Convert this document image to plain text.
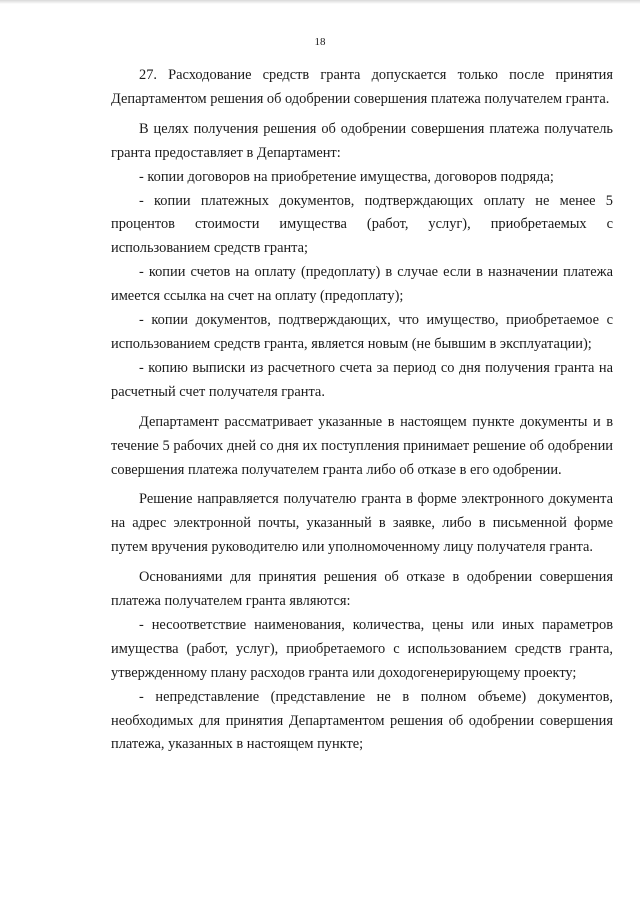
18

27. Расходование средств гранта допускается только после принятия Департаментом решения об одобрении совершения платежа получателем гранта.

В целях получения решения об одобрении совершения платежа получатель гранта предоставляет в Департамент:

- копии договоров на приобретение имущества, договоров подряда;

- копии платежных документов, подтверждающих оплату не менее 5 процентов стоимости имущества (работ, услуг), приобретаемых с использованием средств гранта;

- копии счетов на оплату (предоплату) в случае если в назначении платежа имеется ссылка на счет на оплату (предоплату);

- копии документов, подтверждающих, что имущество, приобретаемое с использованием средств гранта, является новым (не бывшим в эксплуатации);

- копию выписки из расчетного счета за период со дня получения гранта на расчетный счет получателя гранта.

Департамент рассматривает указанные в настоящем пункте документы и в течение 5 рабочих дней со дня их поступления принимает решение об одобрении совершения платежа получателем гранта либо об отказе в его одобрении.

Решение направляется получателю гранта в форме электронного документа на адрес электронной почты, указанный в заявке, либо в письменной форме путем вручения руководителю или уполномоченному лицу получателя гранта.

Основаниями для принятия решения об отказе в одобрении совершения платежа получателем гранта являются:

- несоответствие наименования, количества, цены или иных параметров имущества (работ, услуг), приобретаемого с использованием средств гранта, утвержденному плану расходов гранта или доходогенерирующему проекту;

- непредставление (представление не в полном объеме) документов, необходимых для принятия Департаментом решения об одобрении совершения платежа, указанных в настоящем пункте;
